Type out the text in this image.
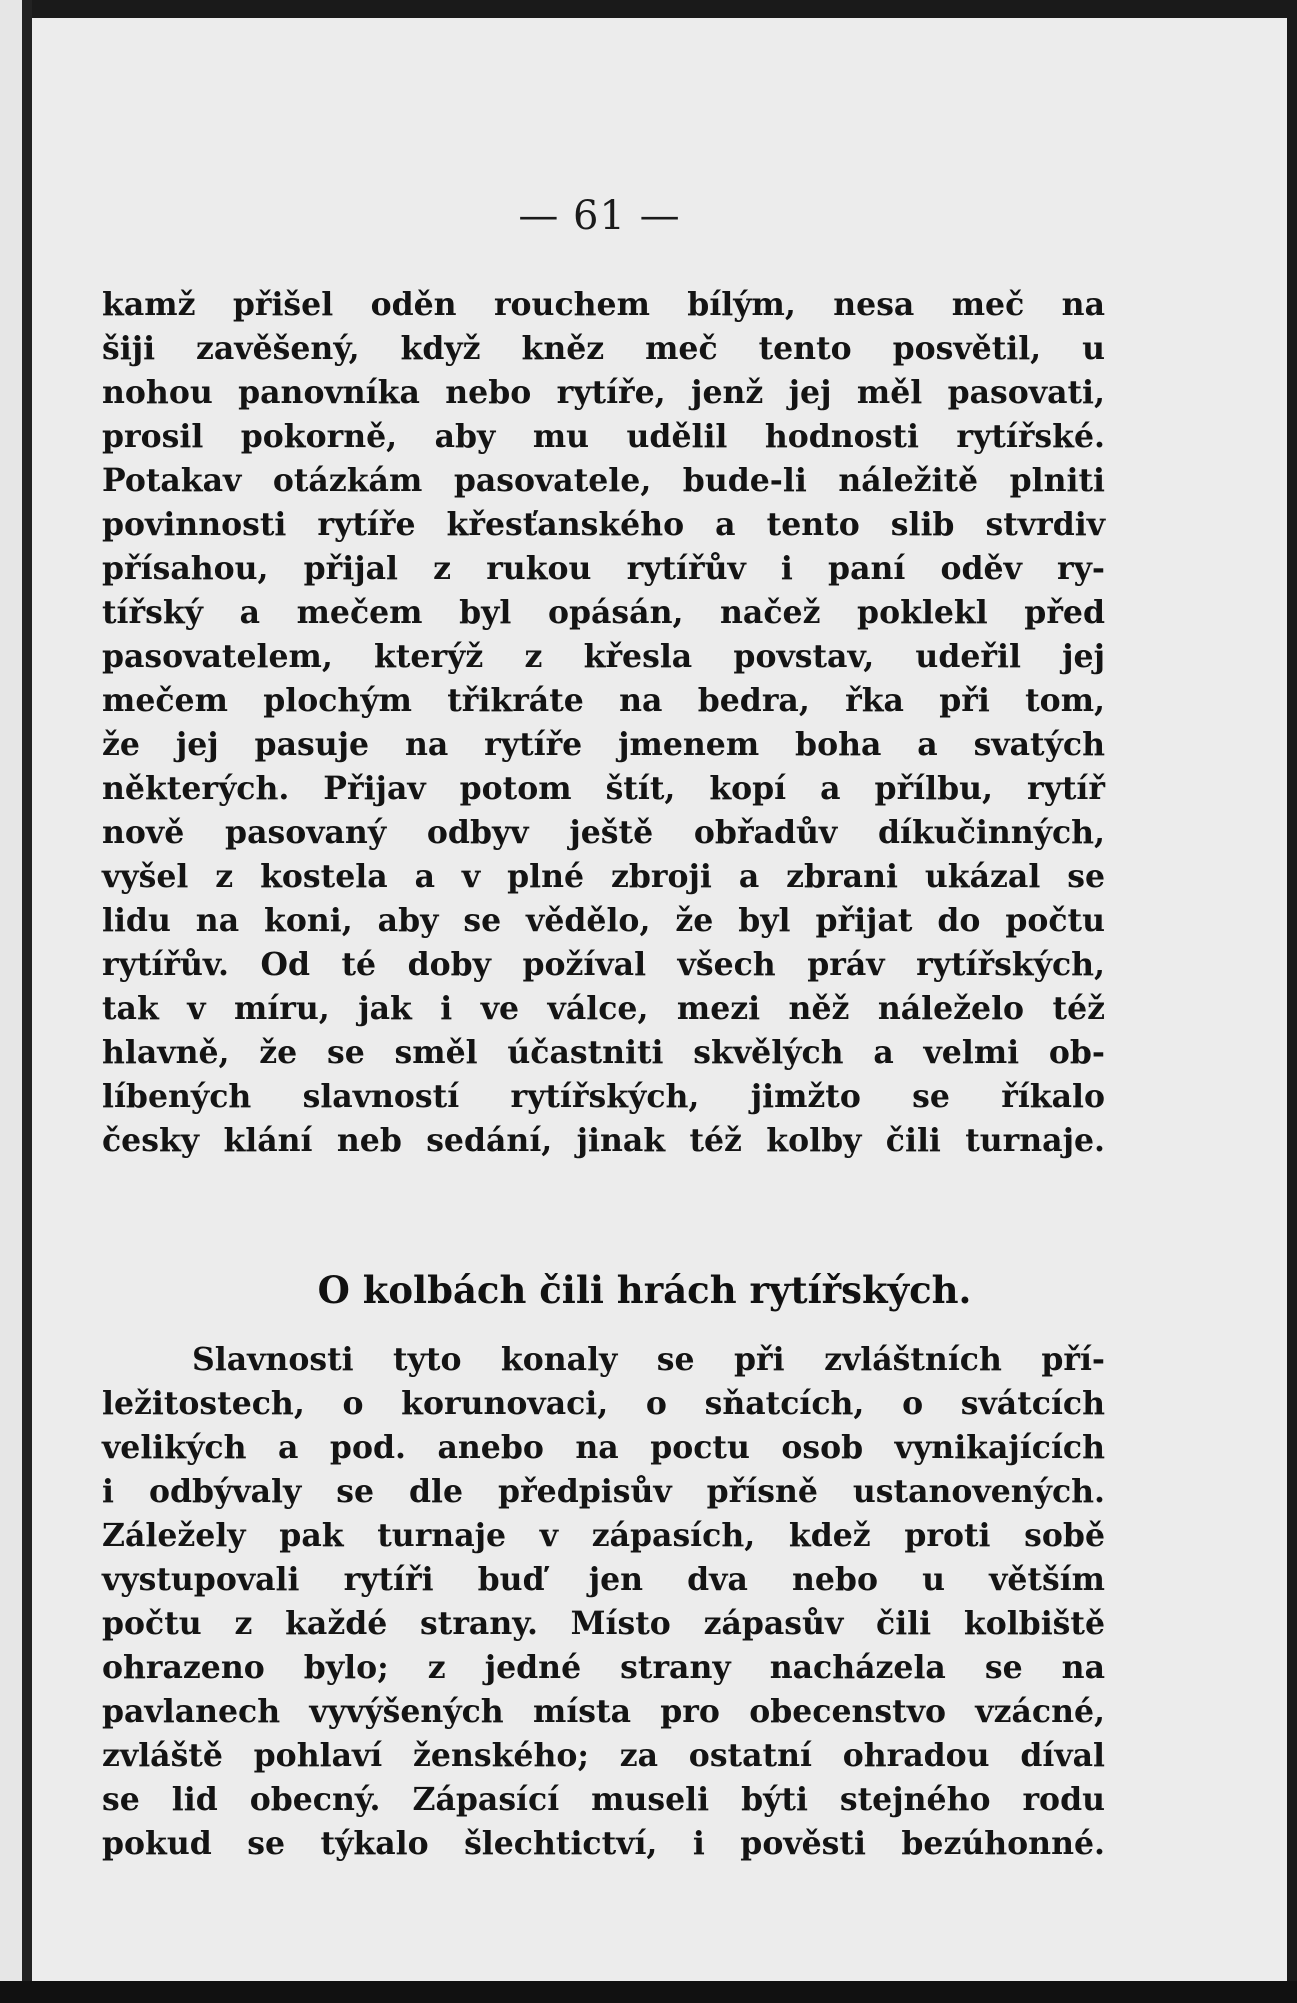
— 61 —
kamž přišel oděn rouchem bílým, nesa meč na
šiji zavěšený, když kněz meč tento posvětil, u
nohou panovníka nebo rytíře, jenž jej měl pasovati,
prosil pokorně, aby mu udělil hodnosti rytířské.
Potakav otázkám pasovatele, bude-li náležitě plniti
povinnosti rytíře křesťanského a tento slib stvrdiv
přísahou, přijal z rukou rytířův i paní oděv ry-
tířský a mečem byl opásán, načež poklekl před
pasovatelem, kterýž z křesla povstav, udeřil jej
mečem plochým třikráte na bedra, řka při tom,
že jej pasuje na rytíře jmenem boha a svatých
některých. Přijav potom štít, kopí a přílbu, rytíř
nově pasovaný odbyv ještě obřadův díkučinných,
vyšel z kostela a v plné zbroji a zbrani ukázal se
lidu na koni, aby se vědělo, že byl přijat do počtu
rytířův. Od té doby požíval všech práv rytířských,
tak v míru, jak i ve válce, mezi něž náleželo též
hlavně, že se směl účastniti skvělých a velmi ob-
líbených slavností rytířských, jimžto se říkalo
česky klání neb sedání, jinak též kolby čili turnaje.
O kolbách čili hrách rytířských.
Slavnosti tyto konaly se při zvláštních pří-
ležitostech, o korunovaci, o sňatcích, o svátcích
velikých a pod. anebo na poctu osob vynikajících
i odbývaly se dle předpisův přísně ustanovených.
Záležely pak turnaje v zápasích, kdež proti sobě
vystupovali rytíři buď jen dva nebo u větším
počtu z každé strany. Místo zápasův čili kolbiště
ohrazeno bylo; z jedné strany nacházela se na
pavlanech vyvýšených místa pro obecenstvo vzácné,
zvláště pohlaví ženského; za ostatní ohradou díval
se lid obecný. Zápasící museli býti stejného rodu
pokud se týkalo šlechtictví, i pověsti bezúhonné.
